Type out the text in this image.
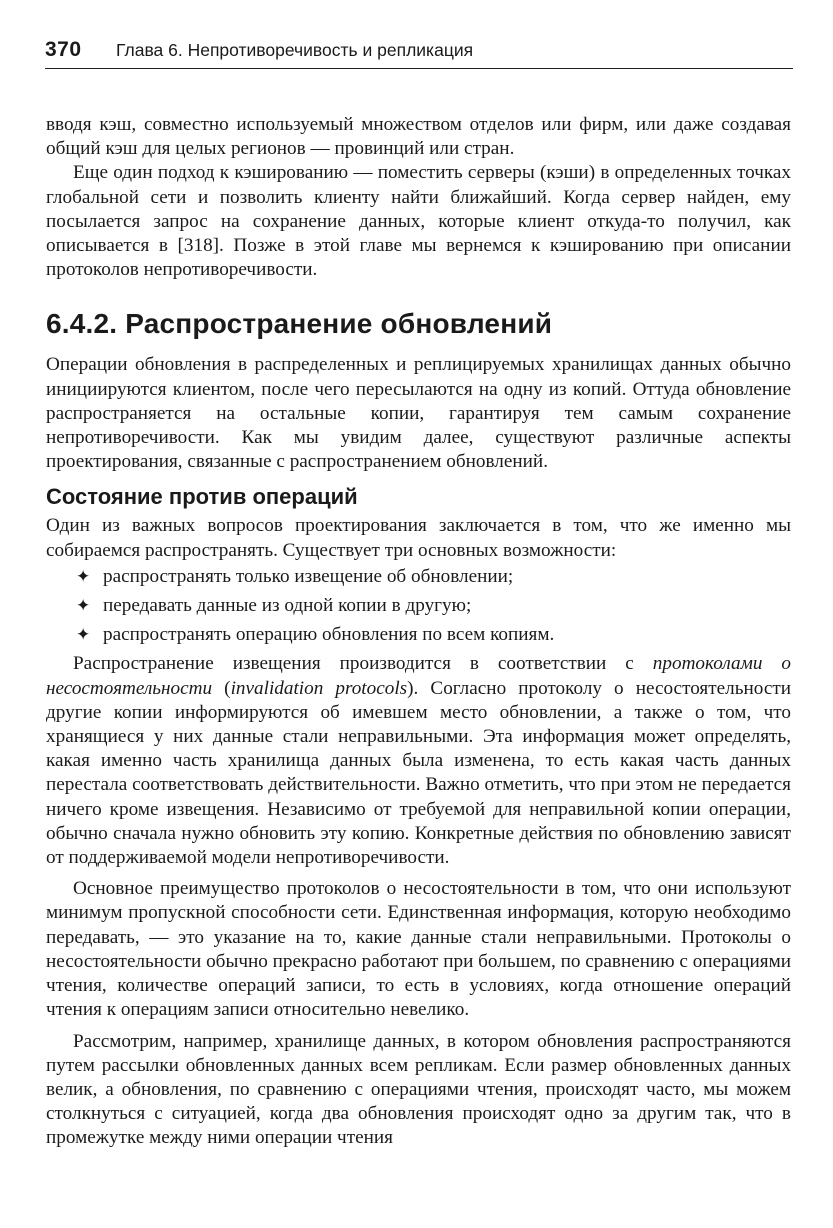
370 Глава 6. Непротиворечивость и репликация

вводя кэш, совместно используемый множеством отделов или фирм, или даже создавая общий кэш для целых регионов — провинций или стран.

Еще один подход к кэшированию — поместить серверы (кэши) в определенных точках глобальной сети и позволить клиенту найти ближайший. Когда сервер найден, ему посылается запрос на сохранение данных, которые клиент откуда-то получил, как описывается в [318]. Позже в этой главе мы вернемся к кэшированию при описании протоколов непротиворечивости.

6.4.2. Распространение обновлений

Операции обновления в распределенных и реплицируемых хранилищах данных обычно инициируются клиентом, после чего пересылаются на одну из копий. Оттуда обновление распространяется на остальные копии, гарантируя тем самым сохранение непротиворечивости. Как мы увидим далее, существуют различные аспекты проектирования, связанные с распространением обновлений.

Состояние против операций

Один из важных вопросов проектирования заключается в том, что же именно мы собираемся распространять. Существует три основных возможности:

✦ распространять только извещение об обновлении;
✦ передавать данные из одной копии в другую;
✦ распространять операцию обновления по всем копиям.

Распространение извещения производится в соответствии с протоколами о несостоятельности (invalidation protocols). Согласно протоколу о несостоятельности другие копии информируются об имевшем место обновлении, а также о том, что хранящиеся у них данные стали неправильными. Эта информация может определять, какая именно часть хранилища данных была изменена, то есть какая часть данных перестала соответствовать действительности. Важно отметить, что при этом не передается ничего кроме извещения. Независимо от требуемой для неправильной копии операции, обычно сначала нужно обновить эту копию. Конкретные действия по обновлению зависят от поддерживаемой модели непротиворечивости.

Основное преимущество протоколов о несостоятельности в том, что они используют минимум пропускной способности сети. Единственная информация, которую необходимо передавать, — это указание на то, какие данные стали неправильными. Протоколы о несостоятельности обычно прекрасно работают при большем, по сравнению с операциями чтения, количестве операций записи, то есть в условиях, когда отношение операций чтения к операциям записи относительно невелико.

Рассмотрим, например, хранилище данных, в котором обновления распространяются путем рассылки обновленных данных всем репликам. Если размер обновленных данных велик, а обновления, по сравнению с операциями чтения, происходят часто, мы можем столкнуться с ситуацией, когда два обновления происходят одно за другим так, что в промежутке между ними операции чтения
